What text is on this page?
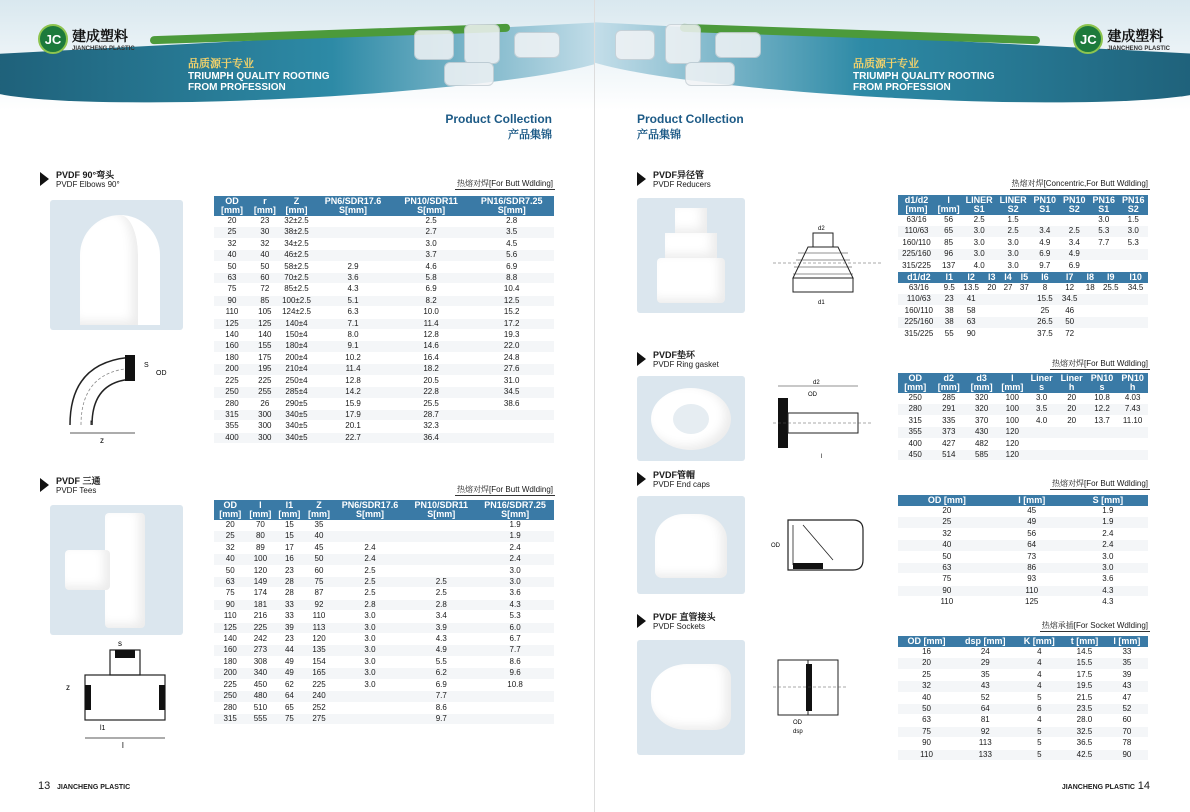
JC 建成塑料
JIANCHENG PLASTIC
品质源于专业
TRIUMPH QUALITY ROOTING
FROM PROFESSION
Product Collection
产品集锦
PVDF 90°弯头
PVDF Elbows 90°	热熔对焊[For Butt Wdlding]
z
r
OD
S
OD [mm]	r [mm]	Z [mm]	PN6/SDR17.6 S[mm]	PN10/SDR11 S[mm]	PN16/SDR7.25 S[mm]
20	23	32±2.5		2.5	2.8
25	30	38±2.5		2.7	3.5
32	32	34±2.5		3.0	4.5
40	40	46±2.5		3.7	5.6
50	50	58±2.5	2.9	4.6	6.9
63	60	70±2.5	3.6	5.8	8.8
75	72	85±2.5	4.3	6.9	10.4
90	85	100±2.5	5.1	8.2	12.5
110	105	124±2.5	6.3	10.0	15.2
125	125	140±4	7.1	11.4	17.2
140	140	150±4	8.0	12.8	19.3
160	155	180±4	9.1	14.6	22.0
180	175	200±4	10.2	16.4	24.8
200	195	210±4	11.4	18.2	27.6
225	225	250±4	12.8	20.5	31.0
250	255	285±4	14.2	22.8	34.5
280	26	290±5	15.9	25.5	38.6
315	300	340±5	17.9	28.7	
355	300	340±5	20.1	32.3	
400	300	340±5	22.7	36.4	
PVDF 三通
PVDF Tees	热熔对焊[For Butt Wdlding]
l
z
s
l1
OD [mm]	l [mm]	l1 [mm]	Z [mm]	PN6/SDR17.6 S[mm]	PN10/SDR11 S[mm]	PN16/SDR7.25 S[mm]
20	70	15	35			1.9
25	80	15	40			1.9
32	89	17	45	2.4		2.4
40	100	16	50	2.4		2.4
50	120	23	60	2.5		3.0
63	149	28	75	2.5	2.5	3.0
75	174	28	87	2.5	2.5	3.6
90	181	33	92	2.8	2.8	4.3
110	216	33	110	3.0	3.4	5.3
125	225	39	113	3.0	3.9	6.0
140	242	23	120	3.0	4.3	6.7
160	273	44	135	3.0	4.9	7.7
180	308	49	154	3.0	5.5	8.6
200	340	49	165	3.0	6.2	9.6
225	450	62	225	3.0	6.9	10.8
250	480	64	240		7.7	
280	510	65	252		8.6	
315	555	75	275		9.7	
13 JIANCHENG PLASTIC
JC 建成塑料
JIANCHENG PLASTIC
品质源于专业
TRIUMPH QUALITY ROOTING
FROM PROFESSION
Product Collection
产品集锦
PVDF异径管
PVDF Reducers	热熔对焊[Concentric,For Butt Wdlding]
d2
d1
d1/d2 [mm]	l [mm]	LINER S1	LINER S2	PN10 S1	PN10 S2	PN16 S1	PN16 S2
63/16	56	2.5	1.5			3.0	1.5
110/63	65	3.0	2.5	3.4	2.5	5.3	3.0
160/110	85	3.0	3.0	4.9	3.4	7.7	5.3
225/160	96	3.0	3.0	6.9	4.9		
315/225	137	4.0	3.0	9.7	6.9		
d1/d2	l1	l2	l3	l4	l5	l6	l7	l8	l9	l10
63/16	9.5	13.5	20	27	37	8	12	18	25.5	34.5
110/63	23	41				15.5	34.5			
160/110	38	58				25	46			
225/160	38	63				26.5	50			
315/225	55	90				37.5	72			
PVDF垫环
PVDF Ring gasket	热熔对焊[For Butt Wdlding]
d2
OD
l
OD [mm]	d2 [mm]	d3 [mm]	l [mm]	Liner s	Liner h	PN10 s	PN10 h
250	285	320	100	3.0	20	10.8	4.03
280	291	320	100	3.5	20	12.2	7.43
315	335	370	100	4.0	20	13.7	11.10
355	373	430	120				
400	427	482	120				
450	514	585	120				
PVDF管帽
PVDF End caps	热熔对焊[For Butt Wdlding]
OD
OD [mm]	l [mm]	S [mm]
20	45	1.9
25	49	1.9
32	56	2.4
40	64	2.4
50	73	3.0
63	86	3.0
75	93	3.6
90	110	4.3
110	125	4.3
PVDF 直管接头
PVDF Sockets	热熔承插[For Socket Wdlding]
OD
dsp
OD [mm]	dsp [mm]	K [mm]	t [mm]	l [mm]
16	24	4	14.5	33
20	29	4	15.5	35
25	35	4	17.5	39
32	43	4	19.5	43
40	52	5	21.5	47
50	64	6	23.5	52
63	81	4	28.0	60
75	92	5	32.5	70
90	113	5	36.5	78
110	133	5	42.5	90
JIANCHENG PLASTIC 14
